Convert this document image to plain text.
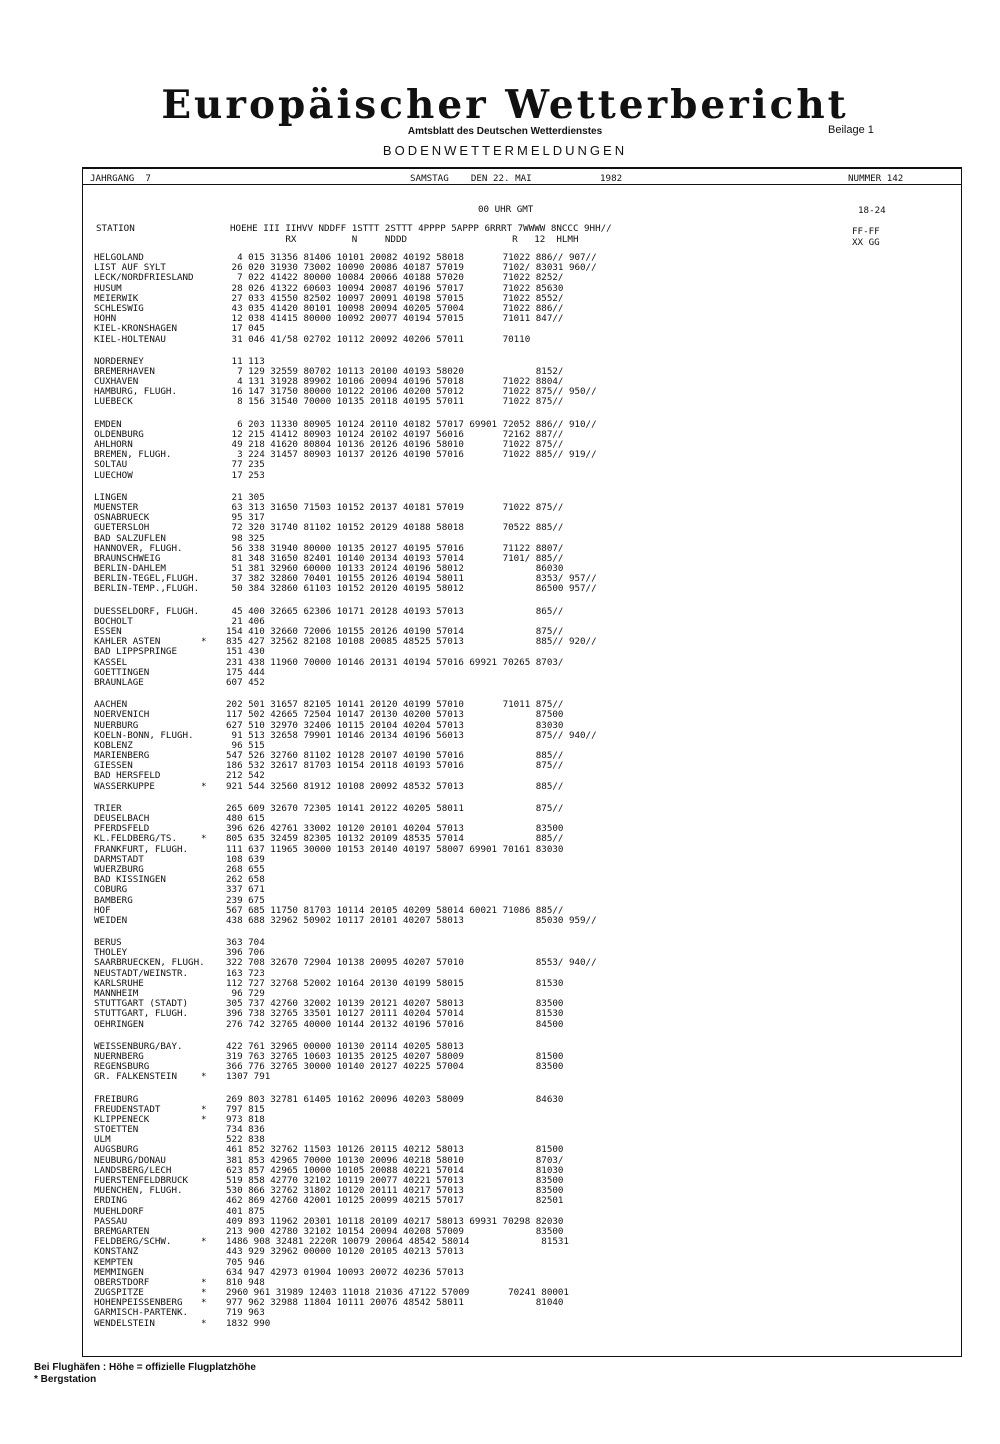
Europäischer Wetterbericht
Amtsblatt des Deutschen Wetterdienstes	Beilage 1
BODENWETTERMELDUNGEN
JAHRGANG  7	SAMSTAG    DEN 22. MAI	1982	NUMMER 142
00 UHR GMT	18-24
STATION	HOEHE III IIHVV NDDFF 1STTT 2STTT 4PPPP 5APPP 6RRRT 7WWWW 8NCCC 9HH//
RX          N     NDDD                   R   12  HLMH
FF-FF
XX GG
HELGOLAND	4 015 31356 81406 10101 20082 40192 58018       71022 886// 907//
LIST AUF SYLT	26 020 31930 73002 10090 20086 40187 57019       7102/ 83031 960//
LECK/NORDFRIESLAND	7 022 41422 80000 10084 20066 40188 57020       71022 8252/
HUSUM	28 026 41322 60603 10094 20087 40196 57017       71022 85630
MEIERWIK	27 033 41550 82502 10097 20091 40198 57015       71022 8552/
SCHLESWIG	43 035 41420 80101 10098 20094 40205 57004       71022 886//
HOHN	12 038 41415 80000 10092 20077 40194 57015       71011 847//
KIEL-KRONSHAGEN	17 045
KIEL-HOLTENAU	31 046 41/58 02702 10112 20092 40206 57011       70110
NORDERNEY	11 113
BREMERHAVEN	7 129 32559 80702 10113 20100 40193 58020             8152/
CUXHAVEN	4 131 31928 89902 10106 20094 40196 57018       71022 8804/
HAMBURG, FLUGH.	16 147 31750 80000 10122 20106 40200 57012       71022 875// 950//
LUEBECK	8 156 31540 70000 10135 20118 40195 57011       71022 875//
EMDEN	6 203 11330 80905 10124 20110 40182 57017 69901 72052 886// 910//
OLDENBURG	12 215 41412 80903 10124 20102 40197 56016       72162 887//
AHLHORN	49 218 41620 80804 10136 20126 40196 58010       71022 875//
BREMEN, FLUGH.	3 224 31457 80903 10137 20126 40190 57016       71022 885// 919//
SOLTAU	77 235
LUECHOW	17 253
LINGEN	21 305
MUENSTER	63 313 31650 71503 10152 20137 40181 57019       71022 875//
OSNABRUECK	95 317
GUETERSLOH	72 320 31740 81102 10152 20129 40188 58018       70522 885//
BAD SALZUFLEN	98 325
HANNOVER, FLUGH.	56 338 31940 80000 10135 20127 40195 57016       71122 8807/
BRAUNSCHWEIG	81 348 31650 82401 10140 20134 40193 57014       7101/ 885//
BERLIN-DAHLEM	51 381 32960 60000 10133 20124 40196 58012             86030
BERLIN-TEGEL,FLUGH.	37 382 32860 70401 10155 20126 40194 58011             8353/ 957//
BERLIN-TEMP.,FLUGH.	50 384 32860 61103 10152 20120 40195 58012             86500 957//
DUESSELDORF, FLUGH.	45 400 32665 62306 10171 20128 40193 57013             865//
BOCHOLT	21 406
ESSEN	154 410 32660 72006 10155 20126 40190 57014             875//
KAHLER ASTEN	* 835 427 32562 82108 10108 20085 48525 57013             885// 920//
BAD LIPPSPRINGE	151 430
KASSEL	231 438 11960 70000 10146 20131 40194 57016 69921 70265 8703/
GOETTINGEN	175 444
BRAUNLAGE	607 452
AACHEN	202 501 31657 82105 10141 20120 40199 57010       71011 875//
NOERVENICH	117 502 42665 72504 10147 20130 40200 57013             87500
NUERBURG	627 510 32970 32406 10115 20104 40204 57013             83030
KOELN-BONN, FLUGH.	91 513 32658 79901 10146 20134 40196 56013             875// 940//
KOBLENZ	96 515
MARIENBERG	547 526 32760 81102 10128 20107 40190 57016             885//
GIESSEN	186 532 32617 81703 10154 20118 40193 57016             875//
BAD HERSFELD	212 542
WASSERKUPPE	* 921 544 32560 81912 10108 20092 48532 57013             885//
TRIER	265 609 32670 72305 10141 20122 40205 58011             875//
DEUSELBACH	480 615
PFERDSFELD	396 626 42761 33002 10120 20101 40204 57013             83500
KL.FELDBERG/TS.	* 805 635 32459 82305 10132 20109 48535 57014             885//
FRANKFURT, FLUGH.	111 637 11965 30000 10153 20140 40197 58007 69901 70161 83030
DARMSTADT	108 639
WUERZBURG	268 655
BAD KISSINGEN	262 658
COBURG	337 671
BAMBERG	239 675
HOF	567 685 11750 81703 10114 20105 40209 58014 60021 71086 885//
WEIDEN	438 688 32962 50902 10117 20101 40207 58013             85030 959//
BERUS	363 704
THOLEY	396 706
SAARBRUECKEN, FLUGH.	322 708 32670 72904 10138 20095 40207 57010             8553/ 940//
NEUSTADT/WEINSTR.	163 723
KARLSRUHE	112 727 32768 52002 10164 20130 40199 58015             81530
MANNHEIM	96 729
STUTTGART (STADT)	305 737 42760 32002 10139 20121 40207 58013             83500
STUTTGART, FLUGH.	396 738 32765 33501 10127 20111 40204 57014             81530
OEHRINGEN	276 742 32765 40000 10144 20132 40196 57016             84500
WEISSENBURG/BAY.	422 761 32965 00000 10130 20114 40205 58013
NUERNBERG	319 763 32765 10603 10135 20125 40207 58009             81500
REGENSBURG	366 776 32765 30000 10140 20127 40225 57004             83500
GR. FALKENSTEIN	* 1307 791
FREIBURG	269 803 32781 61405 10162 20096 40203 58009             84630
FREUDENSTADT	* 797 815
KLIPPENECK	* 973 818
STOETTEN	734 836
ULM	522 838
AUGSBURG	461 852 32762 11503 10126 20115 40212 58013             81500
NEUBURG/DONAU	381 853 42965 70000 10130 20096 40218 58010             8703/
LANDSBERG/LECH	623 857 42965 10000 10105 20088 40221 57014             81030
FUERSTENFELDBRUCK	519 858 42770 32102 10119 20077 40221 57013             83500
MUENCHEN, FLUGH.	530 866 32762 31802 10120 20111 40217 57013             83500
ERDING	462 869 42760 42001 10125 20099 40215 57017             82501
MUEHLDORF	401 875
PASSAU	409 893 11962 20301 10118 20109 40217 58013 69931 70298 82030
BREMGARTEN	213 900 42780 32102 10154 20094 40208 57009             83500
FELDBERG/SCHW.	* 1486 908 32481 2220R 10079 20064 48542 58014             81531
KONSTANZ	443 929 32962 00000 10120 20105 40213 57013
KEMPTEN	705 946
MEMMINGEN	634 947 42973 01904 10093 20072 40236 57013
OBERSTDORF	* 810 948
ZUGSPITZE	* 2960 961 31989 12403 11018 21036 47122 57009       70241 80001
HOHENPEISSENBERG	* 977 962 32988 11804 10111 20076 48542 58011             81040
GARMISCH-PARTENK.	719 963
WENDELSTEIN	* 1832 990
Bei Flughäfen : Höhe = offizielle Flugplatzhöhe
* Bergstation
